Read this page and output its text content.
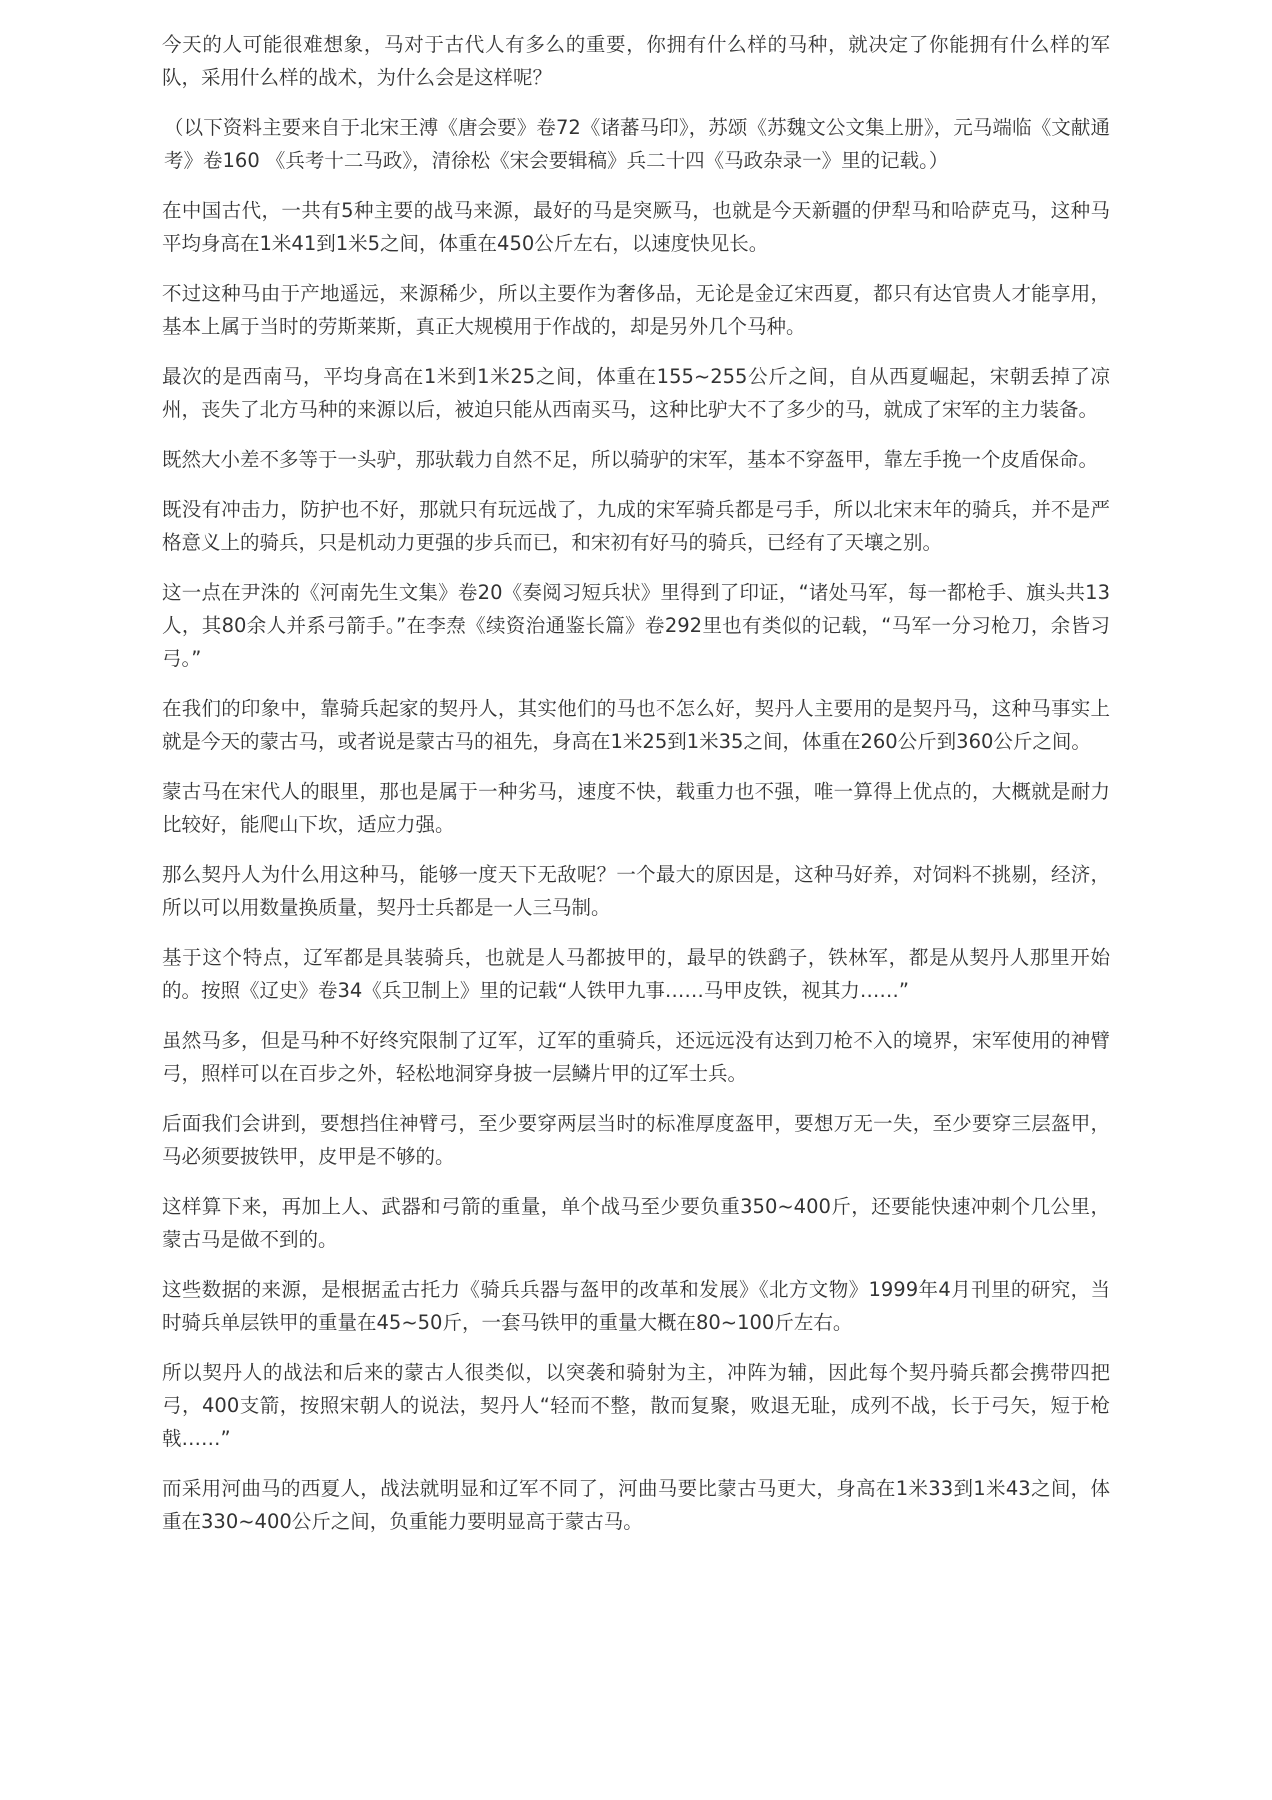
今天的人可能很难想象，马对于古代人有多么的重要，你拥有什么样的马种，就决定了你能拥有什么样的军队，采用什么样的战术，为什么会是这样呢？

（以下资料主要来自于北宋王溥《唐会要》卷72《诸蕃马印》，苏颂《苏魏文公文集上册》，元马端临《文献通考》卷160 《兵考十二马政》，清徐松《宋会要辑稿》兵二十四《马政杂录一》里的记载。）

在中国古代，一共有5种主要的战马来源，最好的马是突厥马，也就是今天新疆的伊犁马和哈萨克马，这种马平均身高在1米41到1米5之间，体重在450公斤左右，以速度快见长。

不过这种马由于产地遥远，来源稀少，所以主要作为奢侈品，无论是金辽宋西夏，都只有达官贵人才能享用，基本上属于当时的劳斯莱斯，真正大规模用于作战的，却是另外几个马种。

最次的是西南马，平均身高在1米到1米25之间，体重在155~255公斤之间，自从西夏崛起，宋朝丢掉了凉州，丧失了北方马种的来源以后，被迫只能从西南买马，这种比驴大不了多少的马，就成了宋军的主力装备。

既然大小差不多等于一头驴，那驮载力自然不足，所以骑驴的宋军，基本不穿盔甲，靠左手挽一个皮盾保命。

既没有冲击力，防护也不好，那就只有玩远战了，九成的宋军骑兵都是弓手，所以北宋末年的骑兵，并不是严格意义上的骑兵，只是机动力更强的步兵而已，和宋初有好马的骑兵，已经有了天壤之别。

这一点在尹洙的《河南先生文集》卷20《奏阅习短兵状》里得到了印证，“诸处马军，每一都枪手、旗头共13人，其80余人并系弓箭手。”在李焘《续资治通鉴长篇》卷292里也有类似的记载，“马军一分习枪刀，余皆习弓。”

在我们的印象中，靠骑兵起家的契丹人，其实他们的马也不怎么好，契丹人主要用的是契丹马，这种马事实上就是今天的蒙古马，或者说是蒙古马的祖先，身高在1米25到1米35之间，体重在260公斤到360公斤之间。

蒙古马在宋代人的眼里，那也是属于一种劣马，速度不快，载重力也不强，唯一算得上优点的，大概就是耐力比较好，能爬山下坎，适应力强。

那么契丹人为什么用这种马，能够一度天下无敌呢？一个最大的原因是，这种马好养，对饲料不挑剔，经济，所以可以用数量换质量，契丹士兵都是一人三马制。

基于这个特点，辽军都是具装骑兵，也就是人马都披甲的，最早的铁鹞子，铁林军，都是从契丹人那里开始的。按照《辽史》卷34《兵卫制上》里的记载“人铁甲九事……马甲皮铁，视其力……”

虽然马多，但是马种不好终究限制了辽军，辽军的重骑兵，还远远没有达到刀枪不入的境界，宋军使用的神臂弓，照样可以在百步之外，轻松地洞穿身披一层鳞片甲的辽军士兵。

后面我们会讲到，要想挡住神臂弓，至少要穿两层当时的标准厚度盔甲，要想万无一失，至少要穿三层盔甲，马必须要披铁甲，皮甲是不够的。

这样算下来，再加上人、武器和弓箭的重量，单个战马至少要负重350~400斤，还要能快速冲刺个几公里，蒙古马是做不到的。

这些数据的来源，是根据孟古托力《骑兵兵器与盔甲的改革和发展》《北方文物》1999年4月刊里的研究，当时骑兵单层铁甲的重量在45~50斤，一套马铁甲的重量大概在80~100斤左右。

所以契丹人的战法和后来的蒙古人很类似，以突袭和骑射为主，冲阵为辅，因此每个契丹骑兵都会携带四把弓，400支箭，按照宋朝人的说法，契丹人“轻而不整，散而复聚，败退无耻，成列不战，长于弓矢，短于枪戟……”

而采用河曲马的西夏人，战法就明显和辽军不同了，河曲马要比蒙古马更大，身高在1米33到1米43之间，体重在330~400公斤之间，负重能力要明显高于蒙古马。
